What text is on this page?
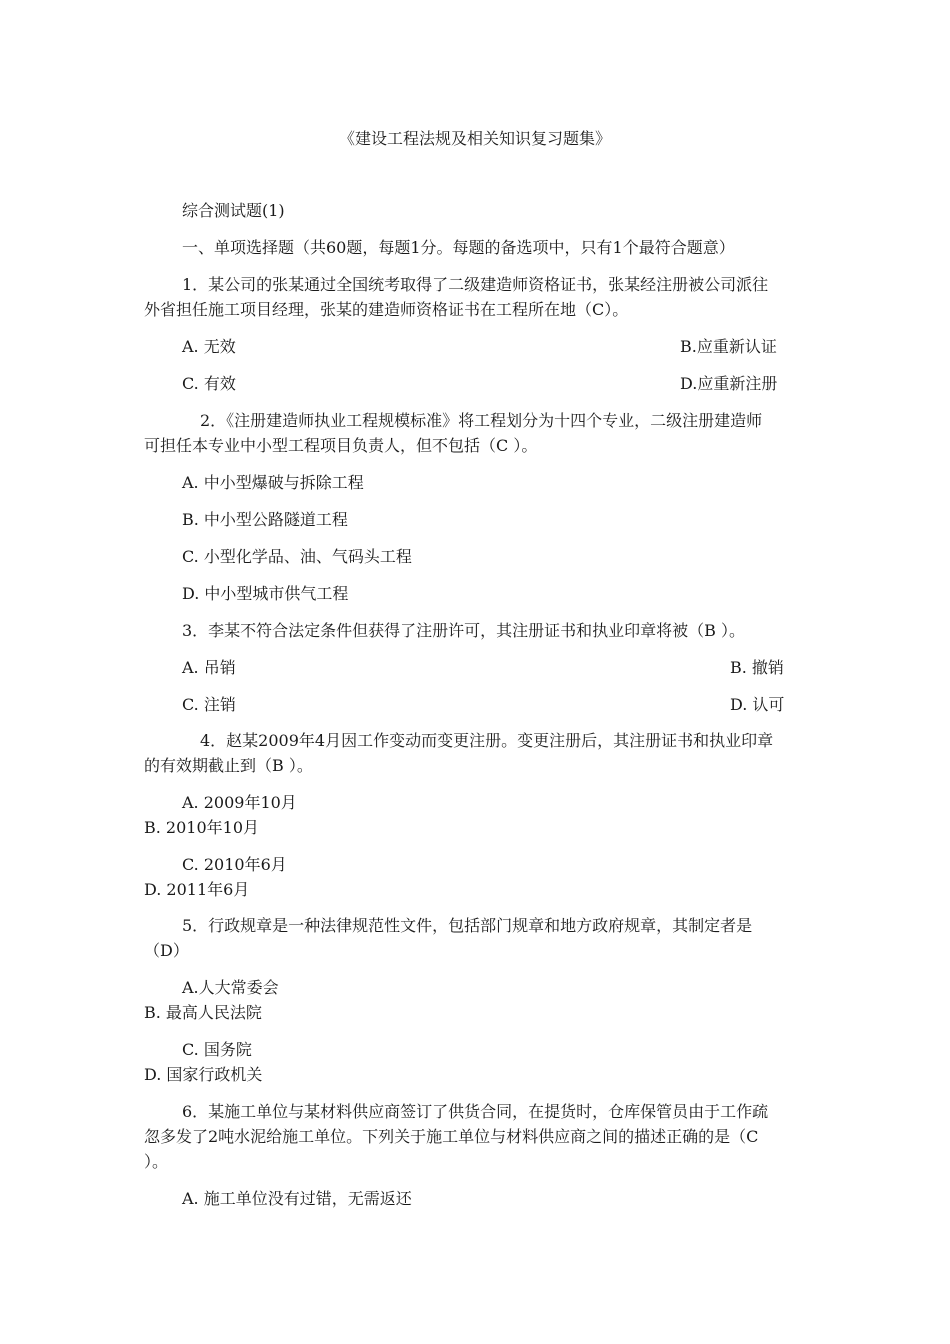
《建设工程法规及相关知识复习题集》
综合测试题(1)
一、单项选择题（共60题，每题1分。每题的备选项中，只有1个最符合题意）
1．某公司的张某通过全国统考取得了二级建造师资格证书，张某经注册被公司派往
外省担任施工项目经理，张某的建造师资格证书在工程所在地（C）。
A. 无效	B.应重新认证
C. 有效	D.应重新注册
2．《注册建造师执业工程规模标准》将工程划分为十四个专业，二级注册建造师
可担任本专业中小型工程项目负责人，但不包括（C ）。
A. 中小型爆破与拆除工程
B. 中小型公路隧道工程
C. 小型化学品、油、气码头工程
D. 中小型城市供气工程
3．李某不符合法定条件但获得了注册许可，其注册证书和执业印章将被（B ）。
A. 吊销	B. 撤销
C. 注销	D. 认可
4．赵某2009年4月因工作变动而变更注册。变更注册后，其注册证书和执业印章
的有效期截止到（B ）。
A. 2009年10月
B. 2010年10月
C. 2010年6月
D. 2011年6月
5．行政规章是一种法律规范性文件，包括部门规章和地方政府规章，其制定者是
（D）
A.人大常委会
B. 最高人民法院
C. 国务院
D. 国家行政机关
6．某施工单位与某材料供应商签订了供货合同，在提货时，仓库保管员由于工作疏
忽多发了2吨水泥给施工单位。下列关于施工单位与材料供应商之间的描述正确的是（C
）。
A. 施工单位没有过错，无需返还
